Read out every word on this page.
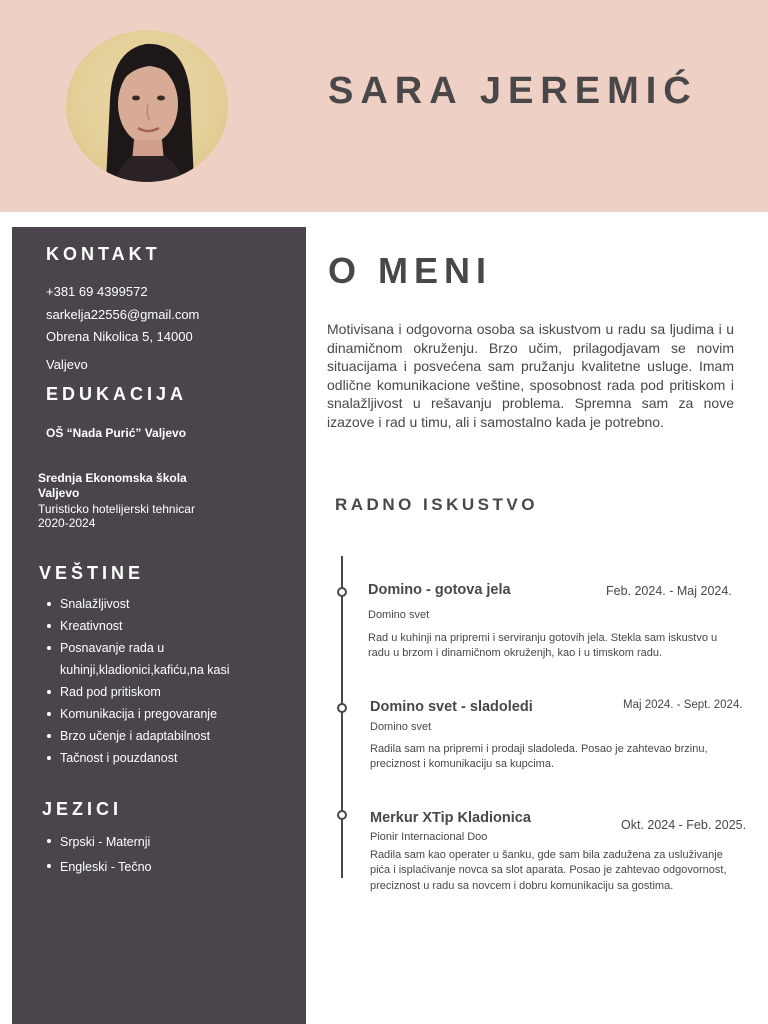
SARA JEREMIĆ
KONTAKT
+381 69 4399572
sarkelja22556@gmail.com
Obrena Nikolica 5, 14000
Valjevo
EDUKACIJA
OŠ “Nada Purić” Valjevo
Srednja Ekonomska škola
Valjevo
Turisticko hotelijerski tehnicar
2020-2024
VEŠTINE
Snalažljivost
Kreativnost
Posnavanje rada u
kuhinji,kladionici,kafiću,na kasi
Rad pod pritiskom
Komunikacija i pregovaranje
Brzo učenje i adaptabilnost
Tačnost i pouzdanost
JEZICI
Srpski - Maternji
Engleski - Tečno
O MENI
Motivisana i odgovorna osoba sa iskustvom u radu sa ljudima i u dinamičnom okruženju. Brzo učim, prilagodjavam se novim situacijama i posvećena sam pružanju kvalitetne usluge. Imam odlične komunikacione veštine, sposobnost rada pod pritiskom i snalažljivost u rešavanju problema. Spremna sam za nove izazove i rad u timu, ali i samostalno kada je potrebno.
RADNO ISKUSTVO
Domino - gotova jela	Feb. 2024. - Maj 2024.
Domino svet
Rad u kuhinji na pripremi i serviranju gotovih jela. Stekla sam iskustvo u radu u brzom i dinamičnom okruženjh, kao i u timskom radu.
Domino svet - sladoledi	Maj 2024. - Sept. 2024.
Domino svet
Radila sam na pripremi i prodaji sladoleda. Posao je zahtevao brzinu, preciznost i komunikaciju sa kupcima.
Merkur XTip Kladionica	Okt. 2024 - Feb. 2025.
Pionir Internacional Doo
Radila sam kao operater u šanku, gde sam bila zadužena za usluživanje pića i isplaćivanje novca sa slot aparata. Posao je zahtevao odgovornost, preciznost u radu sa novcem i dobru komunikaciju sa gostima.
